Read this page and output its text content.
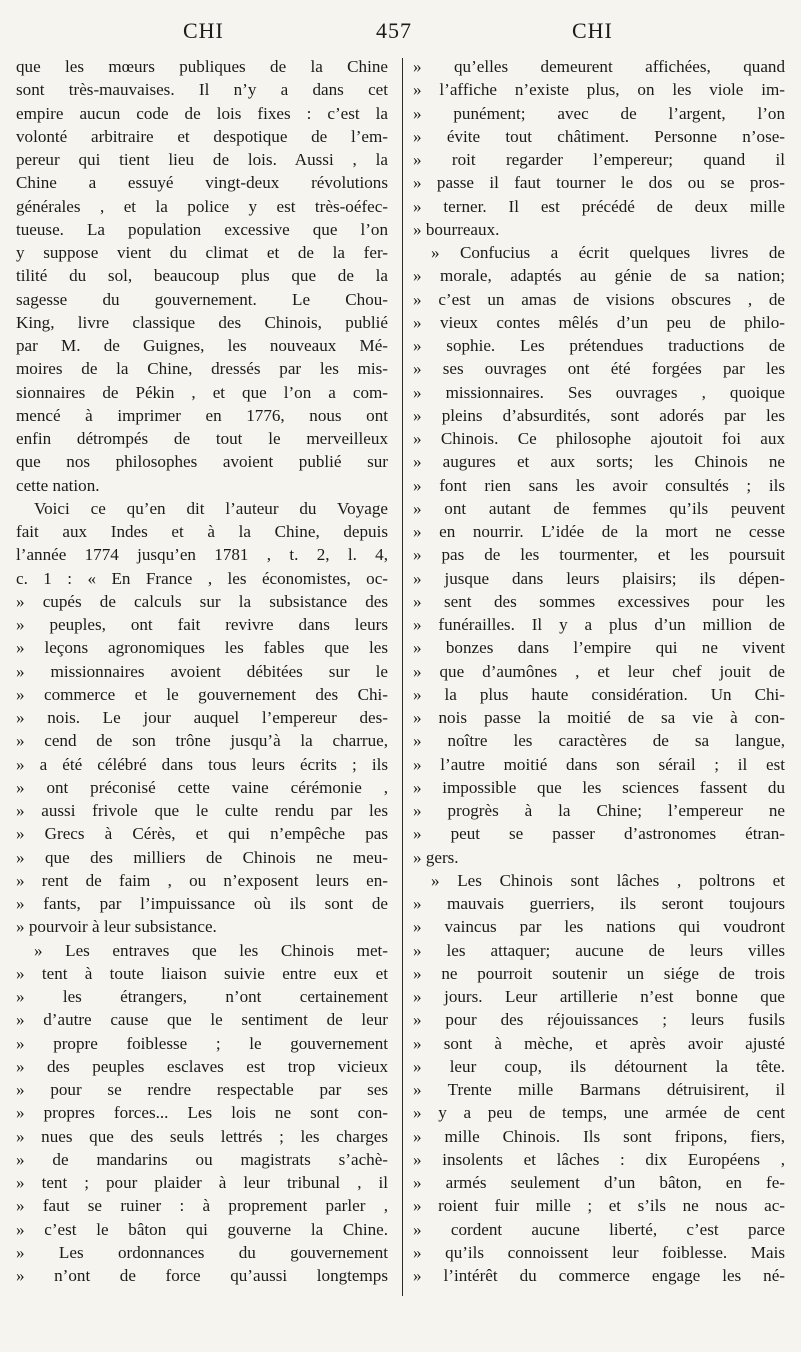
CHI	457	CHI
que les mœurs publiques de la Chine
sont très-mauvaises. Il n’y a dans cet
empire aucun code de lois fixes : c’est la
volonté arbitraire et despotique de l’em-
pereur qui tient lieu de lois. Aussi , la
Chine a essuyé vingt-deux révolutions
générales , et la police y est très-oéfec-
tueuse. La population excessive que l’on
y suppose vient du climat et de la fer-
tilité du sol, beaucoup plus que de la
sagesse du gouvernement. Le Chou-
King, livre classique des Chinois, publié
par M. de Guignes, les nouveaux Mé-
moires de la Chine, dressés par les mis-
sionnaires de Pékin , et que l’on a com-
mencé à imprimer en 1776, nous ont
enfin détrompés de tout le merveilleux
que nos philosophes avoient publié sur
cette nation.
Voici ce qu’en dit l’auteur du Voyage
fait aux Indes et à la Chine, depuis
l’année 1774 jusqu’en 1781 , t. 2, l. 4,
c. 1 : « En France , les économistes, oc-
» cupés de calculs sur la subsistance des
» peuples, ont fait revivre dans leurs
» leçons agronomiques les fables que les
» missionnaires avoient débitées sur le
» commerce et le gouvernement des Chi-
» nois. Le jour auquel l’empereur des-
» cend de son trône jusqu’à la charrue,
» a été célébré dans tous leurs écrits ; ils
» ont préconisé cette vaine cérémonie ,
» aussi frivole que le culte rendu par les
» Grecs à Cérès, et qui n’empêche pas
» que des milliers de Chinois ne meu-
» rent de faim , ou n’exposent leurs en-
» fants, par l’impuissance où ils sont de
» pourvoir à leur subsistance.
» Les entraves que les Chinois met-
» tent à toute liaison suivie entre eux et
» les étrangers, n’ont certainement
» d’autre cause que le sentiment de leur
» propre foiblesse ; le gouvernement
» des peuples esclaves est trop vicieux
» pour se rendre respectable par ses
» propres forces... Les lois ne sont con-
» nues que des seuls lettrés ; les charges
» de mandarins ou magistrats s’achè-
» tent ; pour plaider à leur tribunal , il
» faut se ruiner : à proprement parler ,
» c’est le bâton qui gouverne la Chine.
» Les ordonnances du gouvernement
» n’ont de force qu’aussi longtemps
» qu’elles demeurent affichées, quand
» l’affiche n’existe plus, on les viole im-
» punément; avec de l’argent, l’on
» évite tout châtiment. Personne n’ose-
» roit regarder l’empereur; quand il
» passe il faut tourner le dos ou se pros-
» terner. Il est précédé de deux mille
» bourreaux.
» Confucius a écrit quelques livres de
» morale, adaptés au génie de sa nation;
» c’est un amas de visions obscures , de
» vieux contes mêlés d’un peu de philo-
» sophie. Les prétendues traductions de
» ses ouvrages ont été forgées par les
» missionnaires. Ses ouvrages , quoique
» pleins d’absurdités, sont adorés par les
» Chinois. Ce philosophe ajoutoit foi aux
» augures et aux sorts; les Chinois ne
» font rien sans les avoir consultés ; ils
» ont autant de femmes qu’ils peuvent
» en nourrir. L’idée de la mort ne cesse
» pas de les tourmenter, et les poursuit
» jusque dans leurs plaisirs; ils dépen-
» sent des sommes excessives pour les
» funérailles. Il y a plus d’un million de
» bonzes dans l’empire qui ne vivent
» que d’aumônes , et leur chef jouit de
» la plus haute considération. Un Chi-
» nois passe la moitié de sa vie à con-
» noître les caractères de sa langue,
» l’autre moitié dans son sérail ; il est
» impossible que les sciences fassent du
» progrès à la Chine; l’empereur ne
» peut se passer d’astronomes étran-
» gers.
» Les Chinois sont lâches , poltrons et
» mauvais guerriers, ils seront toujours
» vaincus par les nations qui voudront
» les attaquer; aucune de leurs villes
» ne pourroit soutenir un siége de trois
» jours. Leur artillerie n’est bonne que
» pour des réjouissances ; leurs fusils
» sont à mèche, et après avoir ajusté
» leur coup, ils détournent la tête.
» Trente mille Barmans détruisirent, il
» y a peu de temps, une armée de cent
» mille Chinois. Ils sont fripons, fiers,
» insolents et lâches : dix Européens ,
» armés seulement d’un bâton, en fe-
» roient fuir mille ; et s’ils ne nous ac-
» cordent aucune liberté, c’est parce
» qu’ils connoissent leur foiblesse. Mais
» l’intérêt du commerce engage les né-
